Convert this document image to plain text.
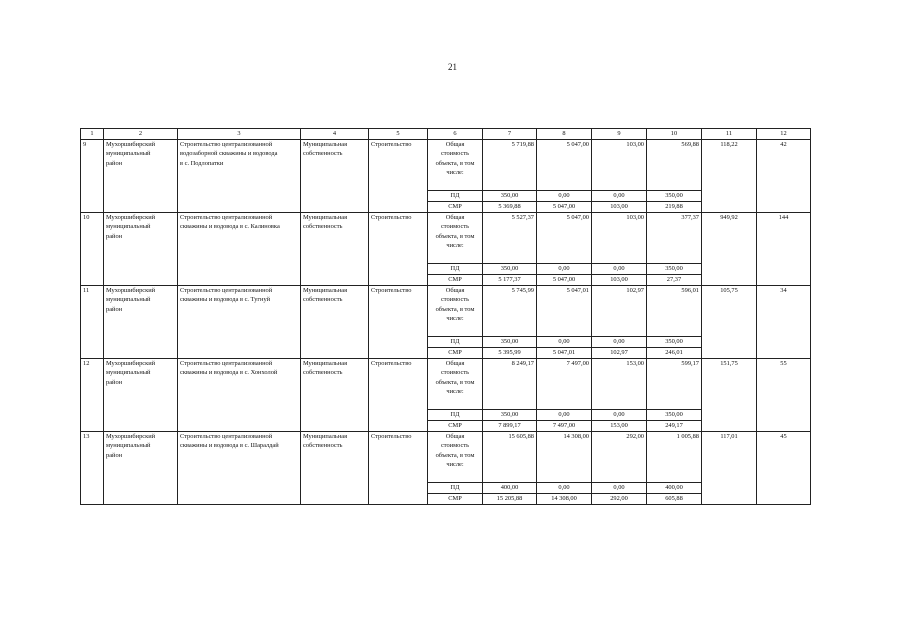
21
1	2	3	4	5	6	7	8	9	10	11	12
9	Мухоршибирский
муниципальный
район	Строительство централизованной
водозаборной скважины и водовода
в с. Подлопатки	Муниципальная
собственность	Строительство	Общая
стоимость
объекта, в том
числе:	5 719,88	5 047,00	103,00	569,88	118,22	42
					ПД	350,00	0,00	0,00	350,00		
					СМР	5 369,88	5 047,00	103,00	219,88		
10	Мухоршибирский
муниципальный
район	Строительство централизованной
скважины и водовода в с. Калиновка	Муниципальная
собственность	Строительство	Общая
стоимость
объекта, в том
числе:	5 527,37	5 047,00	103,00	377,37	949,92	144
					ПД	350,00	0,00	0,00	350,00		
					СМР	5 177,37	5 047,00	103,00	27,37		
11	Мухоршибирский
муниципальный
район	Строительство централизованной
скважины и водовода в с. Тугнуй	Муниципальная
собственность	Строительство	Общая
стоимость
объекта, в том
числе:	5 745,99	5 047,01	102,97	596,01	105,75	34
					ПД	350,00	0,00	0,00	350,00		
					СМР	5 395,99	5 047,01	102,97	246,01		
12	Мухоршибирский
муниципальный
район	Строительство централизованной
скважины и водовода в с. Хонхолой	Муниципальная
собственность	Строительство	Общая
стоимость
объекта, в том
числе:	8 249,17	7 497,00	153,00	599,17	151,75	55
					ПД	350,00	0,00	0,00	350,00		
					СМР	7 899,17	7 497,00	153,00	249,17		
13	Мухоршибирский
муниципальный
район	Строительство централизованной
скважины и водовода в с. Шаралдай	Муниципальная
собственность	Строительство	Общая
стоимость
объекта, в том
числе:	15 605,88	14 308,00	292,00	1 005,88	117,01	45
					ПД	400,00	0,00	0,00	400,00		
					СМР	15 205,88	14 308,00	292,00	605,88		
